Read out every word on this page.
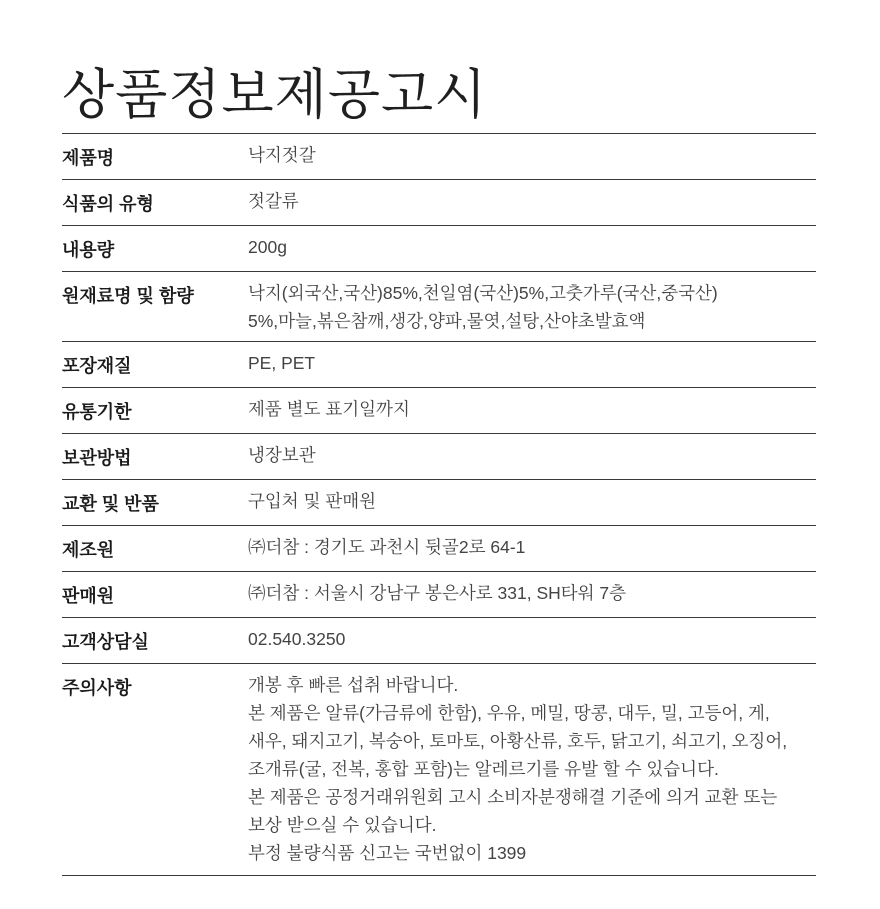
상품정보제공고시
제품명	낙지젓갈

식품의 유형	젓갈류

내용량	200g

원재료명 및 함량	낙지(외국산,국산)85%,천일염(국산)5%,고춧가루(국산,중국산)

5%,마늘,볶은참깨,생강,양파,물엿,설탕,산야초발효액

포장재질	PE, PET

유통기한	제품 별도 표기일까지

보관방법	냉장보관

교환 및 반품	구입처 및 판매원

제조원	㈜더참 : 경기도 과천시 뒷골2로 64-1

판매원	㈜더참 : 서울시 강남구 봉은사로 331, SH타워 7층

고객상담실	02.540.3250

주의사항	개봉 후 빠른 섭취 바랍니다.

본 제품은 알류(가금류에 한함), 우유, 메밀, 땅콩, 대두, 밀, 고등어, 게,

새우, 돼지고기, 복숭아, 토마토, 아황산류, 호두, 닭고기, 쇠고기, 오징어,

조개류(굴, 전복, 홍합 포함)는 알레르기를 유발 할 수 있습니다.

본 제품은 공정거래위원회 고시 소비자분쟁해결 기준에 의거 교환 또는

보상 받으실 수 있습니다.

부정 불량식품 신고는 국번없이 1399
